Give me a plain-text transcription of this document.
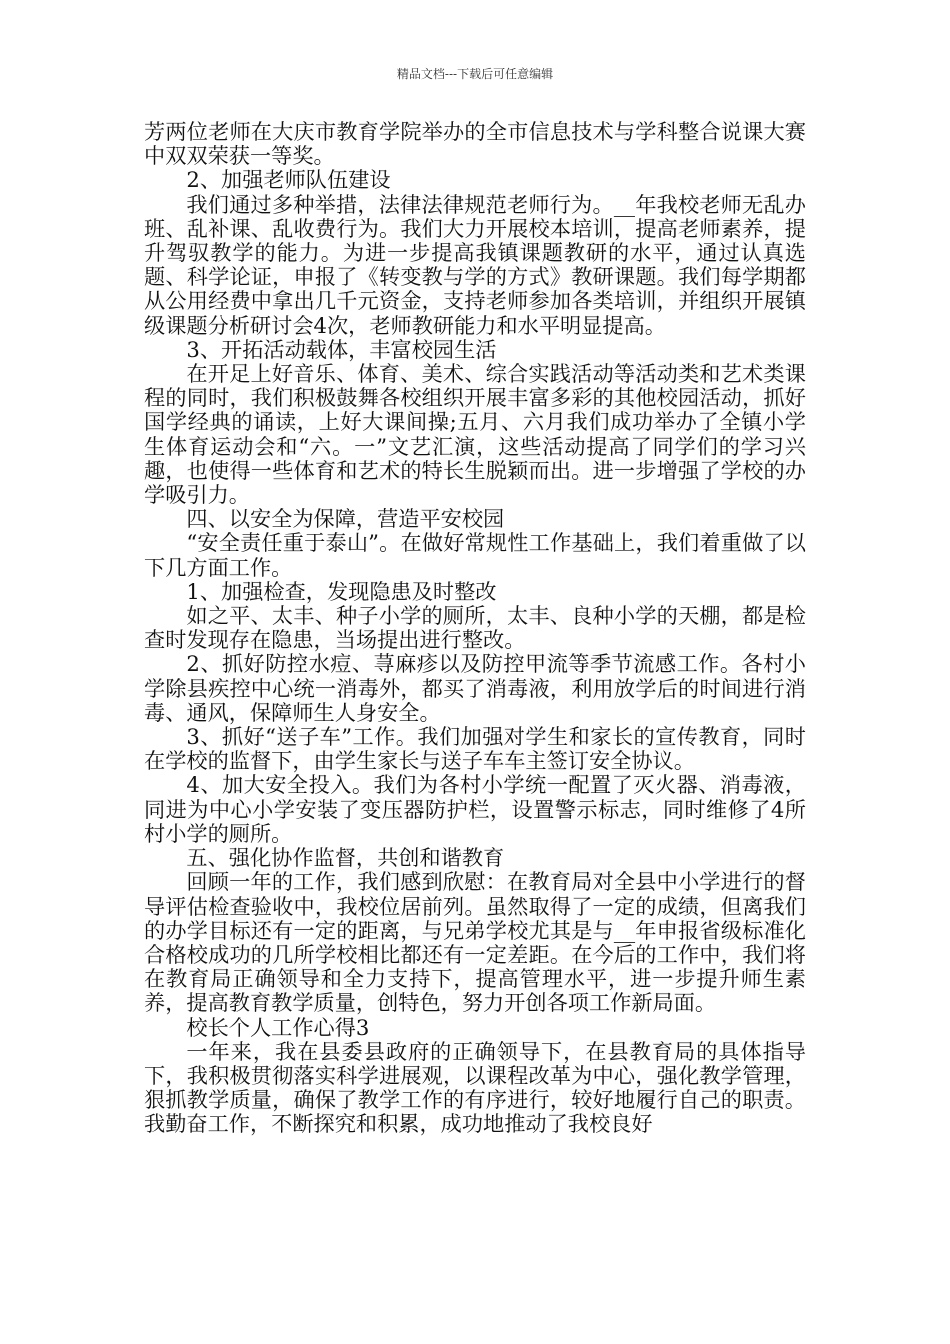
精品文档---下载后可任意编辑

芳两位老师在大庆市教育学院举办的全市信息技术与学科整合说课大赛中双双荣获一等奖。

2、加强老师队伍建设

我们通过多种举措，法律法律规范老师行为。__年我校老师无乱办班、乱补课、乱收费行为。我们大力开展校本培训，提高老师素养，提升驾驭教学的能力。为进一步提高我镇课题教研的水平，通过认真选题、科学论证，申报了《转变教与学的方式》教研课题。我们每学期都从公用经费中拿出几千元资金，支持老师参加各类培训，并组织开展镇级课题分析研讨会4次，老师教研能力和水平明显提高。

3、开拓活动载体，丰富校园生活

在开足上好音乐、体育、美术、综合实践活动等活动类和艺术类课程的同时，我们积极鼓舞各校组织开展丰富多彩的其他校园活动，抓好国学经典的诵读，上好大课间操;五月、六月我们成功举办了全镇小学生体育运动会和“六。一”文艺汇演，这些活动提高了同学们的学习兴趣，也使得一些体育和艺术的特长生脱颖而出。进一步增强了学校的办学吸引力。

四、以安全为保障，营造平安校园

“安全责任重于泰山”。在做好常规性工作基础上，我们着重做了以下几方面工作。

1、加强检查，发现隐患及时整改

如之平、太丰、种子小学的厕所，太丰、良种小学的天棚，都是检查时发现存在隐患，当场提出进行整改。

2、抓好防控水痘、荨麻疹以及防控甲流等季节流感工作。各村小学除县疾控中心统一消毒外，都买了消毒液，利用放学后的时间进行消毒、通风，保障师生人身安全。

3、抓好“送子车”工作。我们加强对学生和家长的宣传教育，同时在学校的监督下，由学生家长与送子车车主签订安全协议。

4、加大安全投入。我们为各村小学统一配置了灭火器、消毒液，同进为中心小学安装了变压器防护栏，设置警示标志，同时维修了4所村小学的厕所。

五、强化协作监督，共创和谐教育

回顾一年的工作，我们感到欣慰：在教育局对全县中小学进行的督导评估检查验收中，我校位居前列。虽然取得了一定的成绩，但离我们的办学目标还有一定的距离，与兄弟学校尤其是与__年申报省级标准化合格校成功的几所学校相比都还有一定差距。在今后的工作中，我们将在教育局正确领导和全力支持下，提高管理水平，进一步提升师生素养，提高教育教学质量，创特色，努力开创各项工作新局面。

校长个人工作心得3

一年来，我在县委县政府的正确领导下，在县教育局的具体指导下，我积极贯彻落实科学进展观，以课程改革为中心，强化教学管理，狠抓教学质量，确保了教学工作的有序进行，较好地履行自己的职责。我勤奋工作，不断探究和积累，成功地推动了我校良好
